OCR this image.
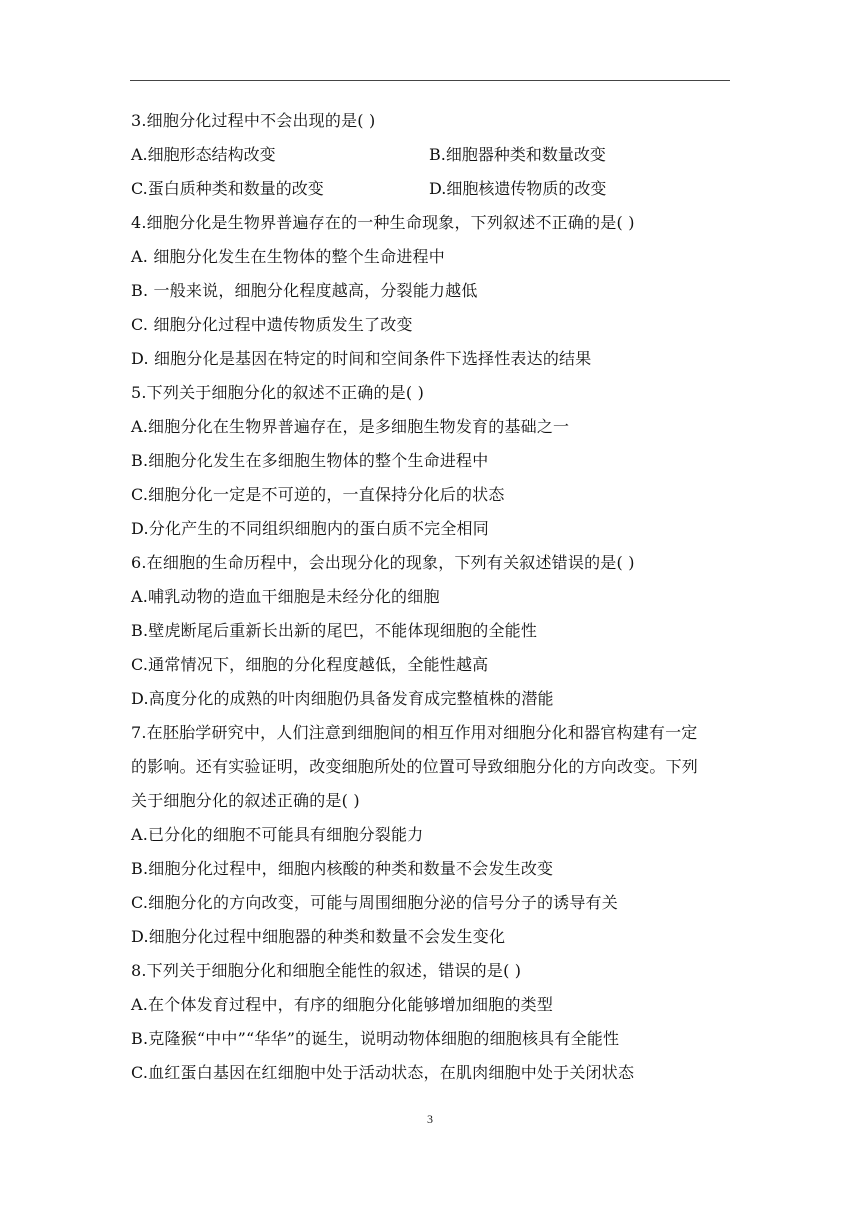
3.细胞分化过程中不会出现的是( )
A.细胞形态结构改变	B.细胞器种类和数量改变
C.蛋白质种类和数量的改变	D.细胞核遗传物质的改变
4.细胞分化是生物界普遍存在的一种生命现象，下列叙述不正确的是( )
A. 细胞分化发生在生物体的整个生命进程中
B. 一般来说，细胞分化程度越高，分裂能力越低
C. 细胞分化过程中遗传物质发生了改变
D. 细胞分化是基因在特定的时间和空间条件下选择性表达的结果
5.下列关于细胞分化的叙述不正确的是( )
A.细胞分化在生物界普遍存在，是多细胞生物发育的基础之一
B.细胞分化发生在多细胞生物体的整个生命进程中
C.细胞分化一定是不可逆的，一直保持分化后的状态
D.分化产生的不同组织细胞内的蛋白质不完全相同
6.在细胞的生命历程中，会出现分化的现象，下列有关叙述错误的是( )
A.哺乳动物的造血干细胞是未经分化的细胞
B.壁虎断尾后重新长出新的尾巴，不能体现细胞的全能性
C.通常情况下，细胞的分化程度越低，全能性越高
D.高度分化的成熟的叶肉细胞仍具备发育成完整植株的潜能
7.在胚胎学研究中，人们注意到细胞间的相互作用对细胞分化和器官构建有一定
的影响。还有实验证明，改变细胞所处的位置可导致细胞分化的方向改变。下列
关于细胞分化的叙述正确的是( )
A.已分化的细胞不可能具有细胞分裂能力
B.细胞分化过程中，细胞内核酸的种类和数量不会发生改变
C.细胞分化的方向改变，可能与周围细胞分泌的信号分子的诱导有关
D.细胞分化过程中细胞器的种类和数量不会发生变化
8.下列关于细胞分化和细胞全能性的叙述，错误的是( )
A.在个体发育过程中，有序的细胞分化能够增加细胞的类型
B.克隆猴“中中”“华华”的诞生，说明动物体细胞的细胞核具有全能性
C.血红蛋白基因在红细胞中处于活动状态，在肌肉细胞中处于关闭状态
3
